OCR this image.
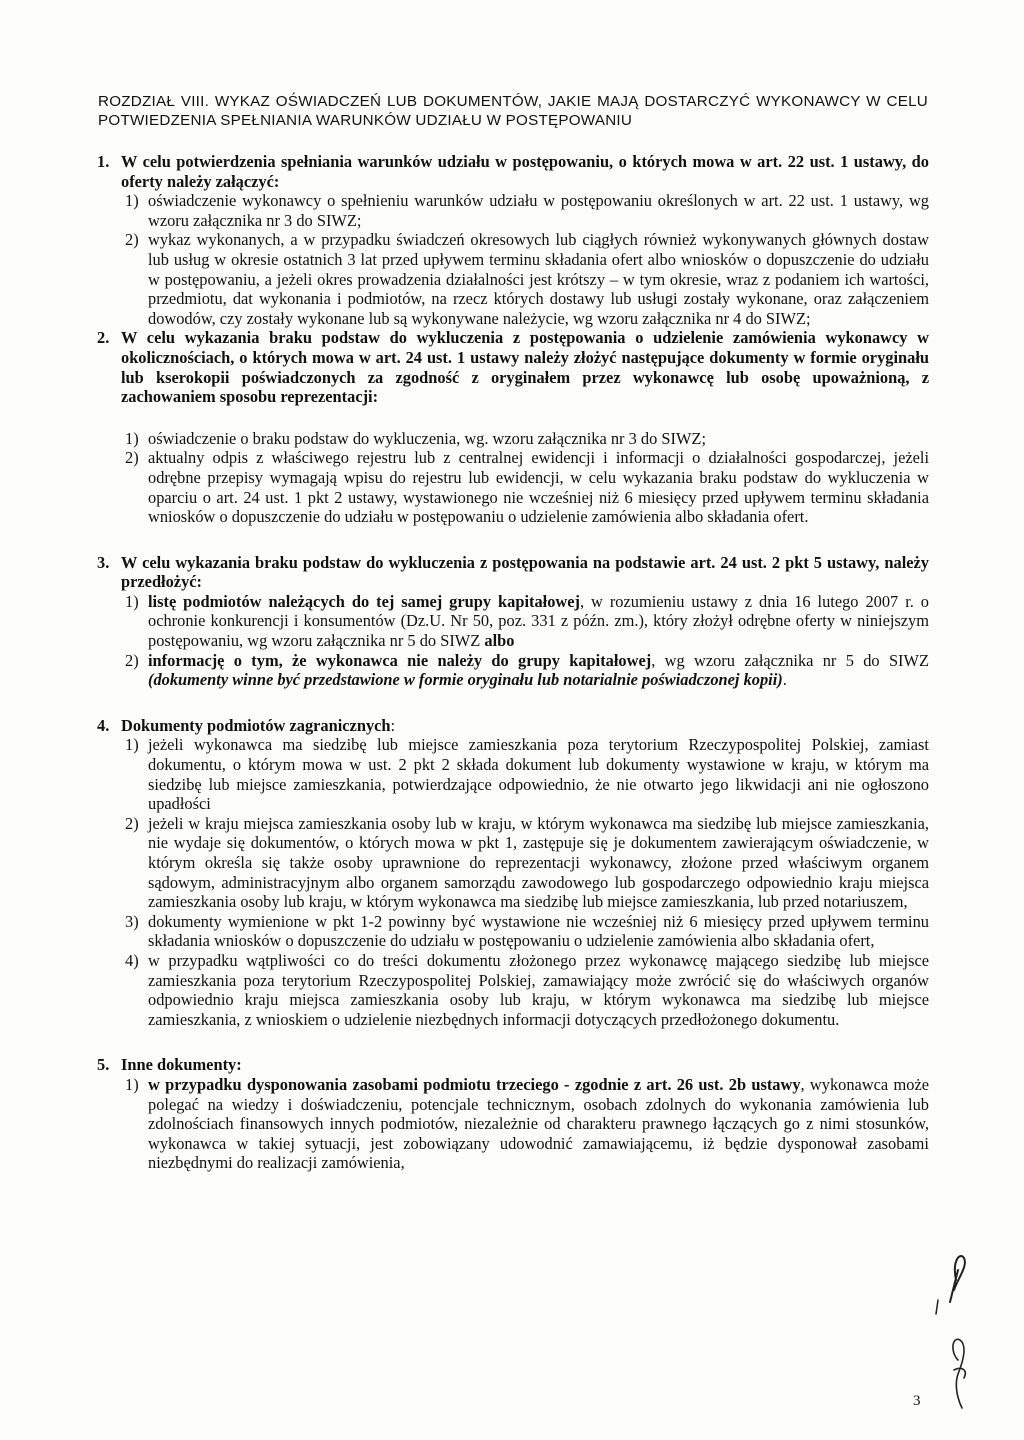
ROZDZIAŁ VIII. WYKAZ OŚWIADCZEŃ LUB DOKUMENTÓW, JAKIE MAJĄ DOSTARCZYĆ WYKONAWCY W CELU POTWIEDZENIA SPEŁNIANIA WARUNKÓW UDZIAŁU W POSTĘPOWANIU
1. W celu potwierdzenia spełniania warunków udziału w postępowaniu, o których mowa w art. 22 ust. 1 ustawy, do oferty należy załączyć:
1) oświadczenie wykonawcy o spełnieniu warunków udziału w postępowaniu określonych w art. 22 ust. 1 ustawy, wg wzoru załącznika nr 3 do SIWZ;
2) wykaz wykonanych, a w przypadku świadczeń okresowych lub ciągłych również wykonywanych głównych dostaw lub usług w okresie ostatnich 3 lat przed upływem terminu składania ofert albo wniosków o dopuszczenie do udziału w postępowaniu, a jeżeli okres prowadzenia działalności jest krótszy – w tym okresie, wraz z podaniem ich wartości, przedmiotu, dat wykonania i podmiotów, na rzecz których dostawy lub usługi zostały wykonane, oraz załączeniem dowodów, czy zostały wykonane lub są wykonywane należycie, wg wzoru załącznika nr 4 do SIWZ;
2. W celu wykazania braku podstaw do wykluczenia z postępowania o udzielenie zamówienia wykonawcy w okolicznościach, o których mowa w art. 24 ust. 1 ustawy należy złożyć następujące dokumenty w formie oryginału lub kserokopii poświadczonych za zgodność z oryginałem przez wykonawcę lub osobę upoważnioną, z zachowaniem sposobu reprezentacji:
1) oświadczenie o braku podstaw do wykluczenia, wg. wzoru załącznika nr 3 do SIWZ;
2) aktualny odpis z właściwego rejestru lub z centralnej ewidencji i informacji o działalności gospodarczej, jeżeli odrębne przepisy wymagają wpisu do rejestru lub ewidencji, w celu wykazania braku podstaw do wykluczenia w oparciu o art. 24 ust. 1 pkt 2 ustawy, wystawionego nie wcześniej niż 6 miesięcy przed upływem terminu składania wniosków o dopuszczenie do udziału w postępowaniu o udzielenie zamówienia albo składania ofert.
3. W celu wykazania braku podstaw do wykluczenia z postępowania na podstawie art. 24 ust. 2 pkt 5 ustawy, należy przedłożyć:
1) listę podmiotów należących do tej samej grupy kapitałowej, w rozumieniu ustawy z dnia 16 lutego 2007 r. o ochronie konkurencji i konsumentów (Dz.U. Nr 50, poz. 331 z późn. zm.), który złożył odrębne oferty w niniejszym postępowaniu, wg wzoru załącznika nr 5 do SIWZ albo
2) informację o tym, że wykonawca nie należy do grupy kapitałowej, wg wzoru załącznika nr 5 do SIWZ (dokumenty winne być przedstawione w formie oryginału lub notarialnie poświadczonej kopii).
4. Dokumenty podmiotów zagranicznych:
1) jeżeli wykonawca ma siedzibę lub miejsce zamieszkania poza terytorium Rzeczypospolitej Polskiej, zamiast dokumentu, o którym mowa w ust. 2 pkt 2 składa dokument lub dokumenty wystawione w kraju, w którym ma siedzibę lub miejsce zamieszkania, potwierdzające odpowiednio, że nie otwarto jego likwidacji ani nie ogłoszono upadłości
2) jeżeli w kraju miejsca zamieszkania osoby lub w kraju, w którym wykonawca ma siedzibę lub miejsce zamieszkania, nie wydaje się dokumentów, o których mowa w pkt 1, zastępuje się je dokumentem zawierającym oświadczenie, w którym określa się także osoby uprawnione do reprezentacji wykonawcy, złożone przed właściwym organem sądowym, administracyjnym albo organem samorządu zawodowego lub gospodarczego odpowiednio kraju miejsca zamieszkania osoby lub kraju, w którym wykonawca ma siedzibę lub miejsce zamieszkania, lub przed notariuszem,
3) dokumenty wymienione w pkt 1-2 powinny być wystawione nie wcześniej niż 6 miesięcy przed upływem terminu składania wniosków o dopuszczenie do udziału w postępowaniu o udzielenie zamówienia albo składania ofert,
4) w przypadku wątpliwości co do treści dokumentu złożonego przez wykonawcę mającego siedzibę lub miejsce zamieszkania poza terytorium Rzeczypospolitej Polskiej, zamawiający może zwrócić się do właściwych organów odpowiednio kraju miejsca zamieszkania osoby lub kraju, w którym wykonawca ma siedzibę lub miejsce zamieszkania, z wnioskiem o udzielenie niezbędnych informacji dotyczących przedłożonego dokumentu.
5. Inne dokumenty:
1) w przypadku dysponowania zasobami podmiotu trzeciego - zgodnie z art. 26 ust. 2b ustawy, wykonawca może polegać na wiedzy i doświadczeniu, potencjale technicznym, osobach zdolnych do wykonania zamówienia lub zdolnościach finansowych innych podmiotów, niezależnie od charakteru prawnego łączących go z nimi stosunków, wykonawca w takiej sytuacji, jest zobowiązany udowodnić zamawiającemu, iż będzie dysponował zasobami niezbędnymi do realizacji zamówienia,
3
